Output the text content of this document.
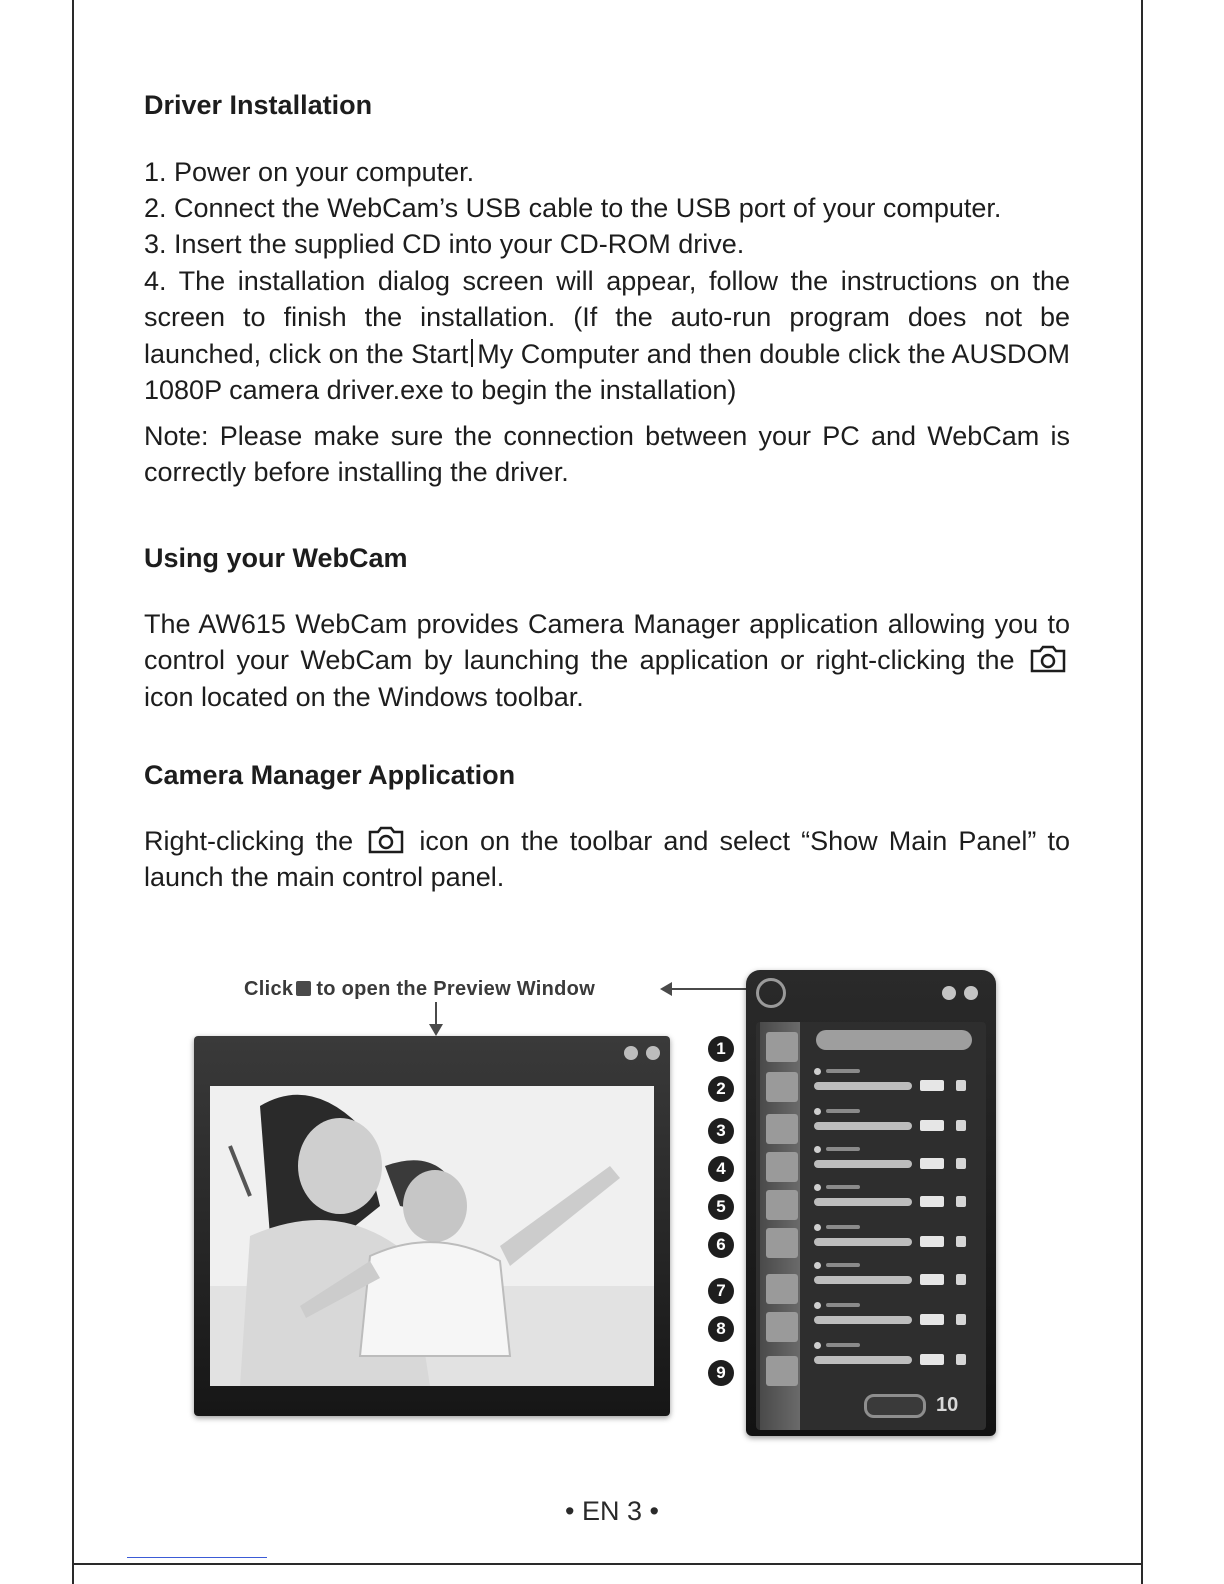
Driver Installation

1. Power on your computer.

2. Connect the WebCam’s USB cable to the USB port of your computer.

3. Insert the supplied CD into your CD-ROM drive.

4. The installation dialog screen will appear, follow the instructions on the screen to finish the installation. (If the auto-run program does not be launched, click on the Start My Computer and then double click the AUSDOM 1080P camera driver.exe to begin the installation)

Note: Please make sure the connection between your PC and WebCam is correctly before installing the driver.

Using your WebCam

The AW615 WebCam provides Camera Manager application allowing you to control your WebCam by launching the application or right-clicking the
icon located on the Windows toolbar.

Camera Manager Application

Right-clicking the icon on the toolbar and select “Show Main Panel” to launch the main control panel.

Click to open the Preview Window
1
2
3
4
5
6
7
8
9
10
• EN 3 •
